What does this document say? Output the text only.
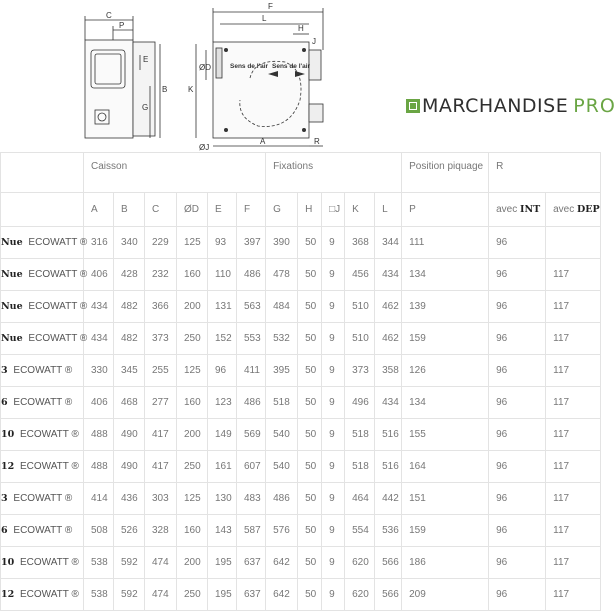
C
P
E
B
G
F
L
H
J
ØD
K
A	R
ØJ
Sens de l'air Sens de l'air
MARCHANDISE PRO
	Caisson						Fixations					Position piquage	R	
	A	B	C	ØD	E	F	G	H	□J	K	L	P	avec INT	avec DEP
Nue ECOWATT ®	316	340	229	125	93	397	390	50	9	368	344	111	96	
Nue ECOWATT ®	406	428	232	160	110	486	478	50	9	456	434	134	96	117
Nue ECOWATT ®	434	482	366	200	131	563	484	50	9	510	462	139	96	117
Nue ECOWATT ®	434	482	373	250	152	553	532	50	9	510	462	159	96	117
3 ECOWATT ®	330	345	255	125	96	411	395	50	9	373	358	126	96	117
6 ECOWATT ®	406	468	277	160	123	486	518	50	9	496	434	134	96	117
10 ECOWATT ®	488	490	417	200	149	569	540	50	9	518	516	155	96	117
12 ECOWATT ®	488	490	417	250	161	607	540	50	9	518	516	164	96	117
3 ECOWATT ®	414	436	303	125	130	483	486	50	9	464	442	151	96	117
6 ECOWATT ®	508	526	328	160	143	587	576	50	9	554	536	159	96	117
10 ECOWATT ®	538	592	474	200	195	637	642	50	9	620	566	186	96	117
12 ECOWATT ®	538	592	474	250	195	637	642	50	9	620	566	209	96	117
